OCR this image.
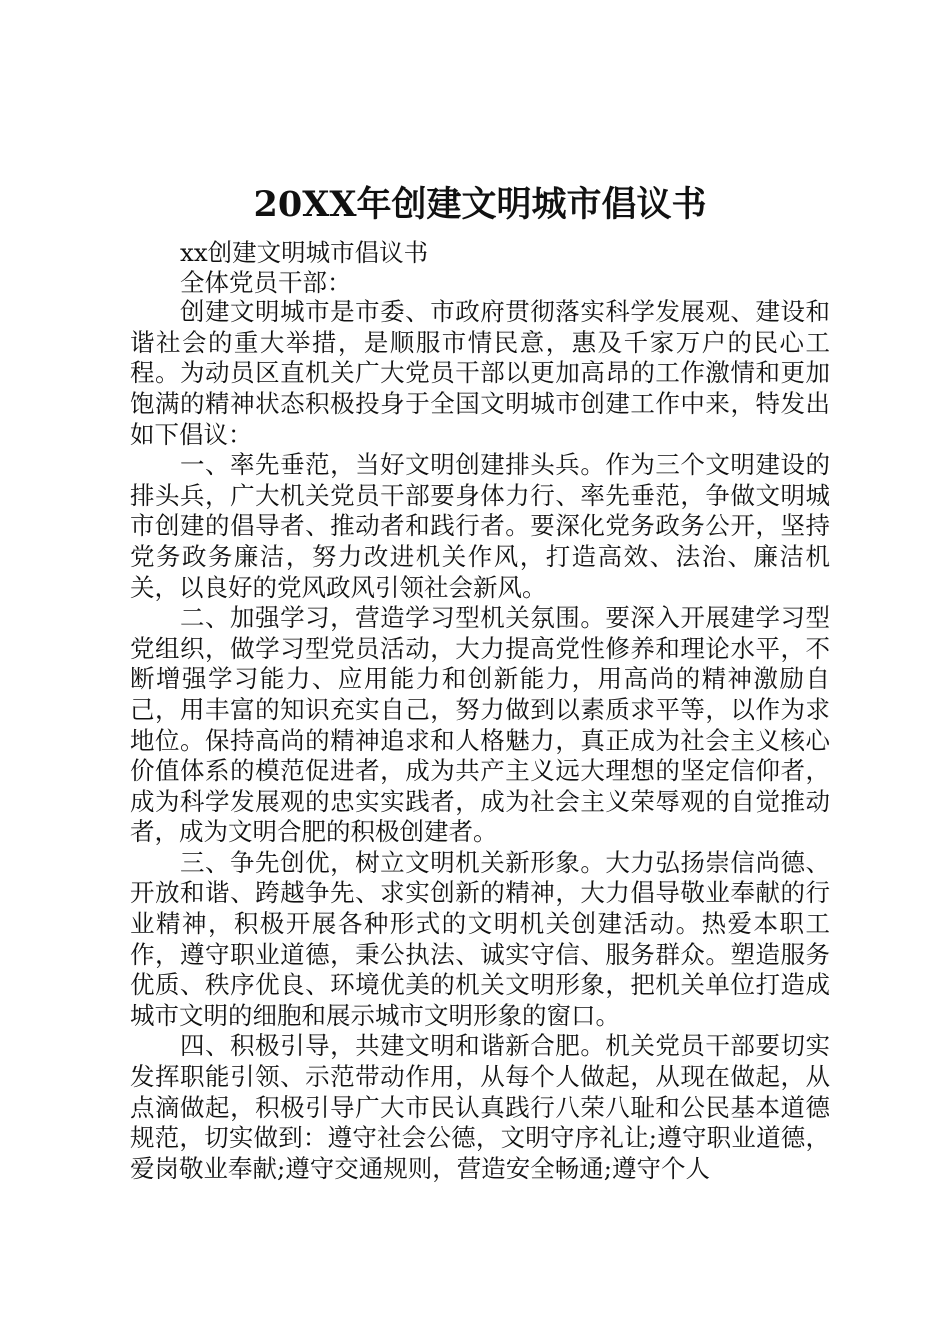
20XX年创建文明城市倡议书

xx创建文明城市倡议书

全体党员干部：

创建文明城市是市委、市政府贯彻落实科学发展观、建设和谐社会的重大举措，是顺服市情民意，惠及千家万户的民心工程。为动员区直机关广大党员干部以更加高昂的工作激情和更加饱满的精神状态积极投身于全国文明城市创建工作中来，特发出如下倡议：

一、率先垂范，当好文明创建排头兵。作为三个文明建设的排头兵，广大机关党员干部要身体力行、率先垂范，争做文明城市创建的倡导者、推动者和践行者。要深化党务政务公开，坚持党务政务廉洁，努力改进机关作风，打造高效、法治、廉洁机关，以良好的党风政风引领社会新风。

二、加强学习，营造学习型机关氛围。要深入开展建学习型党组织，做学习型党员活动，大力提高党性修养和理论水平，不断增强学习能力、应用能力和创新能力，用高尚的精神激励自己，用丰富的知识充实自己，努力做到以素质求平等，以作为求地位。保持高尚的精神追求和人格魅力，真正成为社会主义核心价值体系的模范促进者，成为共产主义远大理想的坚定信仰者，成为科学发展观的忠实实践者，成为社会主义荣辱观的自觉推动者，成为文明合肥的积极创建者。

三、争先创优，树立文明机关新形象。大力弘扬崇信尚德、开放和谐、跨越争先、求实创新的精神，大力倡导敬业奉献的行业精神，积极开展各种形式的文明机关创建活动。热爱本职工作，遵守职业道德，秉公执法、诚实守信、服务群众。塑造服务优质、秩序优良、环境优美的机关文明形象，把机关单位打造成城市文明的细胞和展示城市文明形象的窗口。

四、积极引导，共建文明和谐新合肥。机关党员干部要切实发挥职能引领、示范带动作用，从每个人做起，从现在做起，从点滴做起，积极引导广大市民认真践行八荣八耻和公民基本道德规范，切实做到：遵守社会公德，文明守序礼让;遵守职业道德，爱岗敬业奉献;遵守交通规则，营造安全畅通;遵守个人
